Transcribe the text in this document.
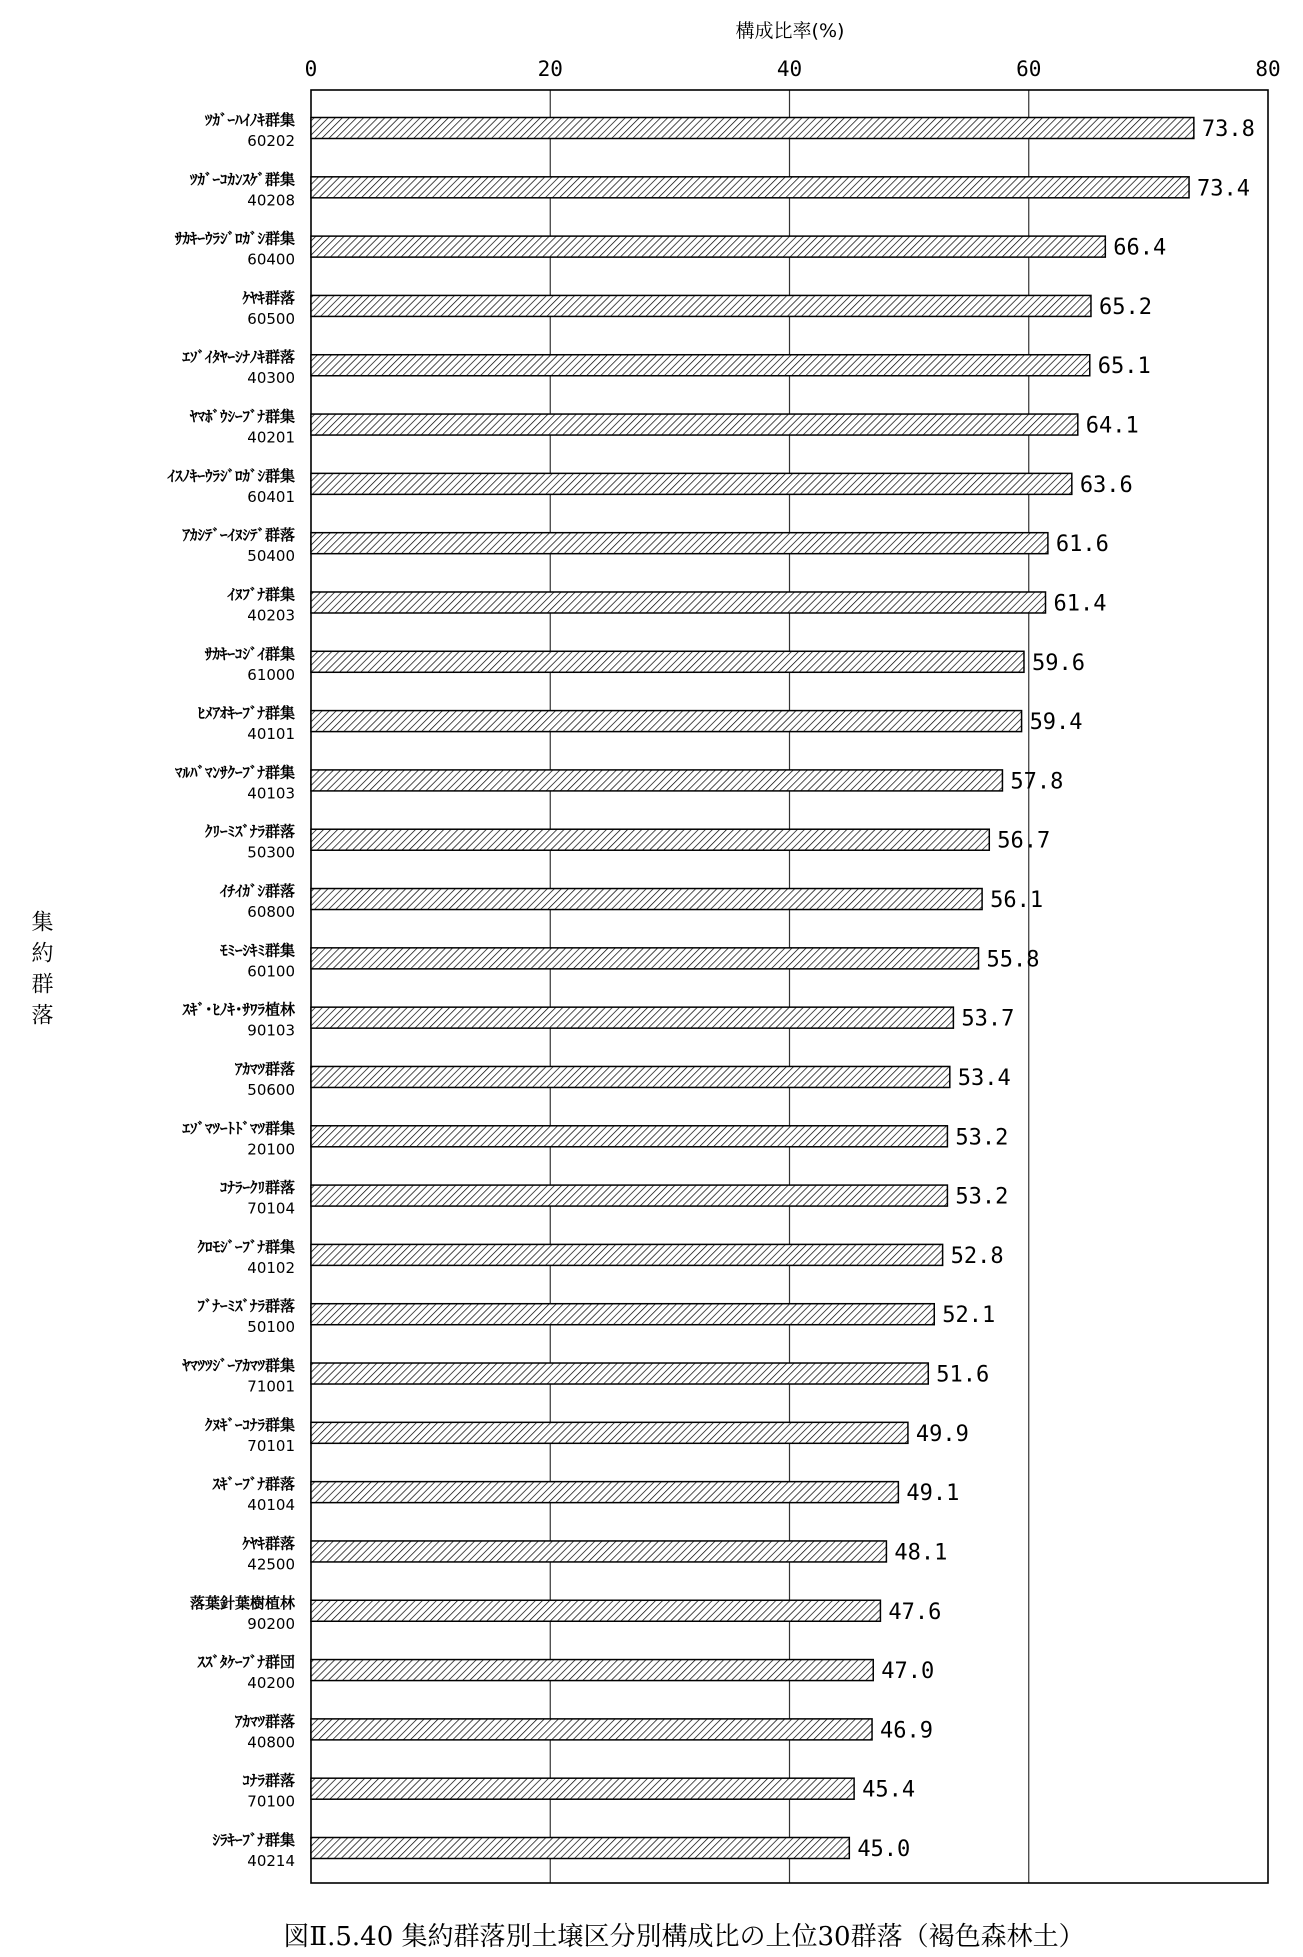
構成比率(%)
0	20	40	60	80
ﾂｶﾞｰﾊｲﾉｷ群集
60202
ﾂｶﾞｰｺｶﾝｽｹﾞ群集
40208
ｻｶｷｰｳﾗｼﾞﾛｶﾞｼ群集
60400
ｹﾔｷ群落
60500
ｴｿﾞｲﾀﾔｰｼﾅﾉｷ群落
40300
ﾔﾏﾎﾞｳｼｰﾌﾞﾅ群集
40201
ｲｽﾉｷｰｳﾗｼﾞﾛｶﾞｼ群集
60401
ｱｶｼﾃﾞｰｲﾇｼﾃﾞ群落
50400
ｲﾇﾌﾞﾅ群集
40203
ｻｶｷｰｺｼﾞｲ群集
61000
ﾋﾒｱｵｷｰﾌﾞﾅ群集
40101
ﾏﾙﾊﾞﾏﾝｻｸｰﾌﾞﾅ群集
40103
ｸﾘｰﾐｽﾞﾅﾗ群落
50300
ｲﾁｲｶﾞｼ群落
60800
ﾓﾐｰｼｷﾐ群集
60100
ｽｷﾞ･ﾋﾉｷ･ｻﾜﾗ植林
90103
ｱｶﾏﾂ群落
50600
ｴｿﾞﾏﾂｰﾄﾄﾞﾏﾂ群集
20100
ｺﾅﾗｰｸﾘ群落
70104
ｸﾛﾓｼﾞｰﾌﾞﾅ群集
40102
ﾌﾞﾅｰﾐｽﾞﾅﾗ群落
50100
ﾔﾏﾂﾂｼﾞｰｱｶﾏﾂ群集
71001
ｸﾇｷﾞｰｺﾅﾗ群集
70101
ｽｷﾞｰﾌﾞﾅ群落
40104
ｹﾔｷ群落
42500
落葉針葉樹植林
90200
ｽｽﾞﾀｹｰﾌﾞﾅ群団
40200
ｱｶﾏﾂ群落
40800
ｺﾅﾗ群落
70100
ｼﾗｷｰﾌﾞﾅ群集
40214
73.8
73.4
66.4
65.2
65.1
64.1
63.6
61.6
61.4
59.6
59.4
57.8
56.7
56.1
55.8
53.7
53.4
53.2
53.2
52.8
52.1
51.6
49.9
49.1
48.1
47.6
47.0
46.9
45.4
45.0
図Ⅱ.5.40 集約群落別土壌区分別構成比の上位30群落（褐色森林土）
集約群落
